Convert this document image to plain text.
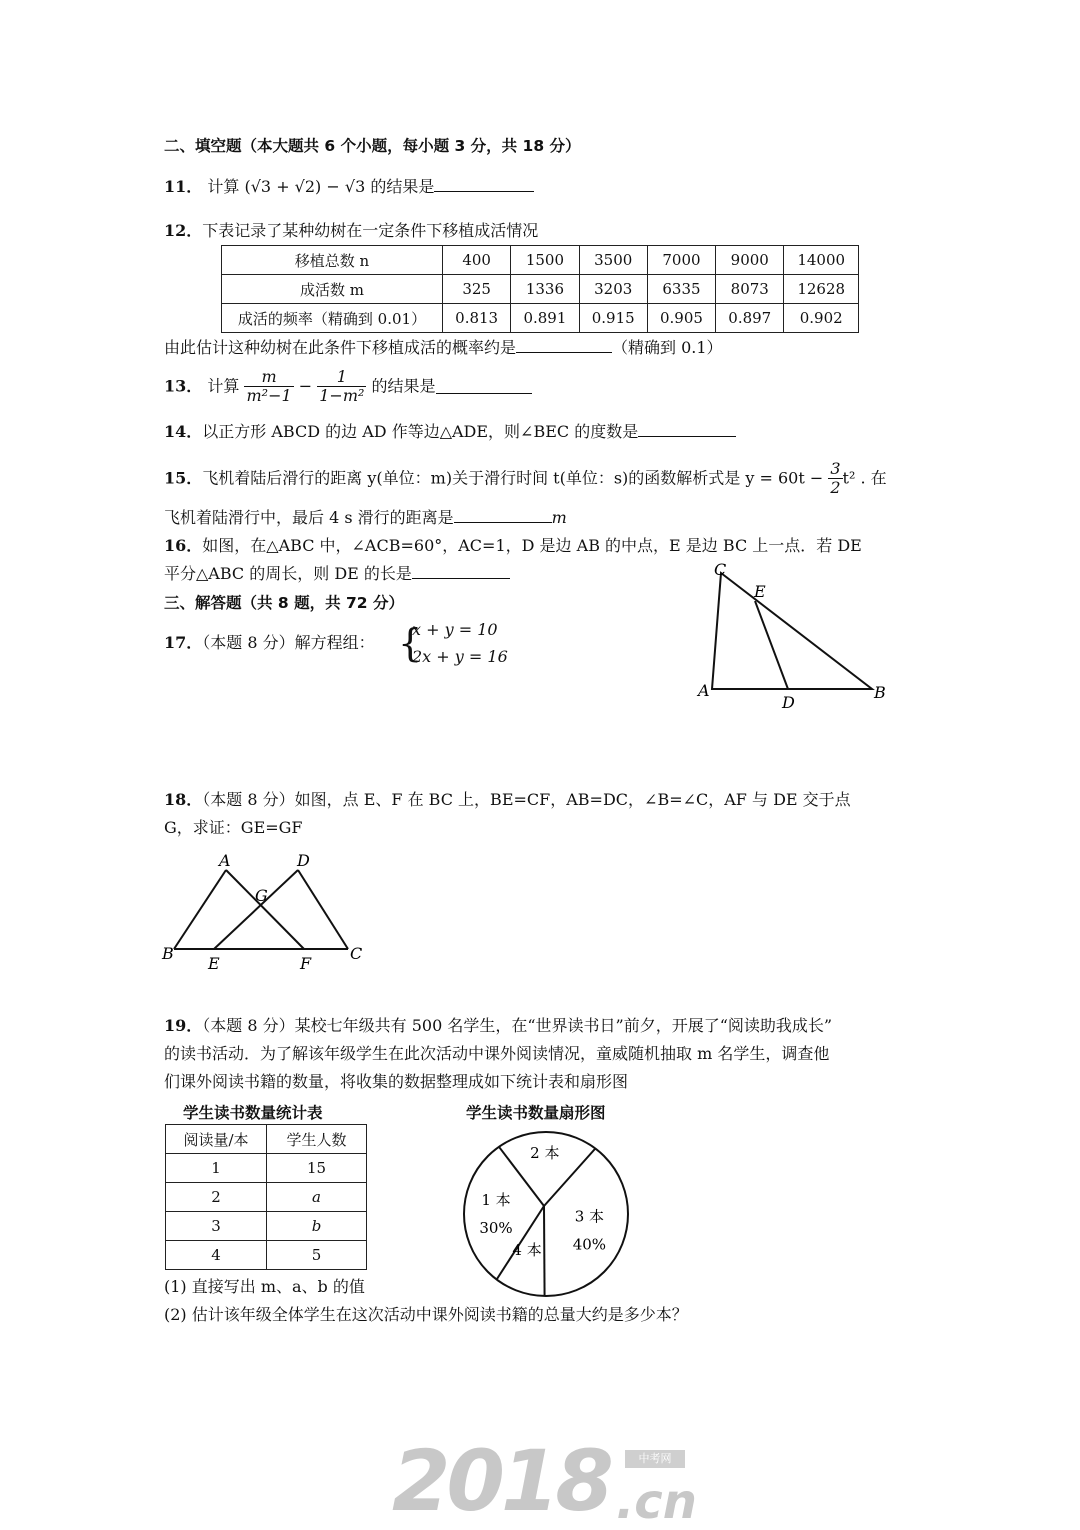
二、填空题（本大题共 6 个小题，每小题 3 分，共 18 分）
11． 计算 (√3 + √2) − √3 的结果是
12．下表记录了某种幼树在一定条件下移植成活情况
移植总数 n	400	1500	3500	7000	9000	14000
成活数 m	325	1336	3203	6335	8073	12628
成活的频率（精确到 0.01）	0.813	0.891	0.915	0.905	0.897	0.902
由此估计这种幼树在此条件下移植成活的概率约是	（精确到 0.1）
13． 计算 $\frac{m}{\text{m²−1}} - \frac{1}{\text{1−m²}}$ 的结果是
14．以正方形 ABCD 的边 AD 作等边△ADE，则∠BEC 的度数是
15．飞机着陆后滑行的距离 y(单位：m)关于滑行时间 t(单位：s)的函数解析式是 $y = 60t - \frac{3}{2} t^2$ . 在
飞机着陆滑行中，最后 4 s 滑行的距离是	m
16．如图，在△ABC 中，∠ACB=60°，AC=1，D 是边 AB 的中点，E 是边 BC 上一点．若 DE
平分△ABC 的周长，则 DE 的长是
三、解答题（共 8 题，共 72 分）
17．（本题 8 分）解方程组： {
x + y = 10
2x + y = 16
C
E
A
D
B
18．（本题 8 分）如图，点 E、F 在 BC 上，BE=CF，AB=DC，∠B=∠C，AF 与 DE 交于点
G，求证：GE=GF
A	D
G
B
E	F
C
19．（本题 8 分）某校七年级共有 500 名学生，在“世界读书日”前夕，开展了“阅读助我成长”
的读书活动．为了解该年级学生在此次活动中课外阅读情况，童威随机抽取 m 名学生，调查他
们课外阅读书籍的数量，将收集的数据整理成如下统计表和扇形图
学生读书数量统计表
阅读量/本	学生人数
1	15
2	a
3	b
4	5
学生读书数量扇形图
2 本
3 本
40%
4 本
1 本
30%
(1) 直接写出 m、a、b 的值
(2) 估计该年级全体学生在这次活动中课外阅读书籍的总量大约是多少本？
2018 .cn
中考网
